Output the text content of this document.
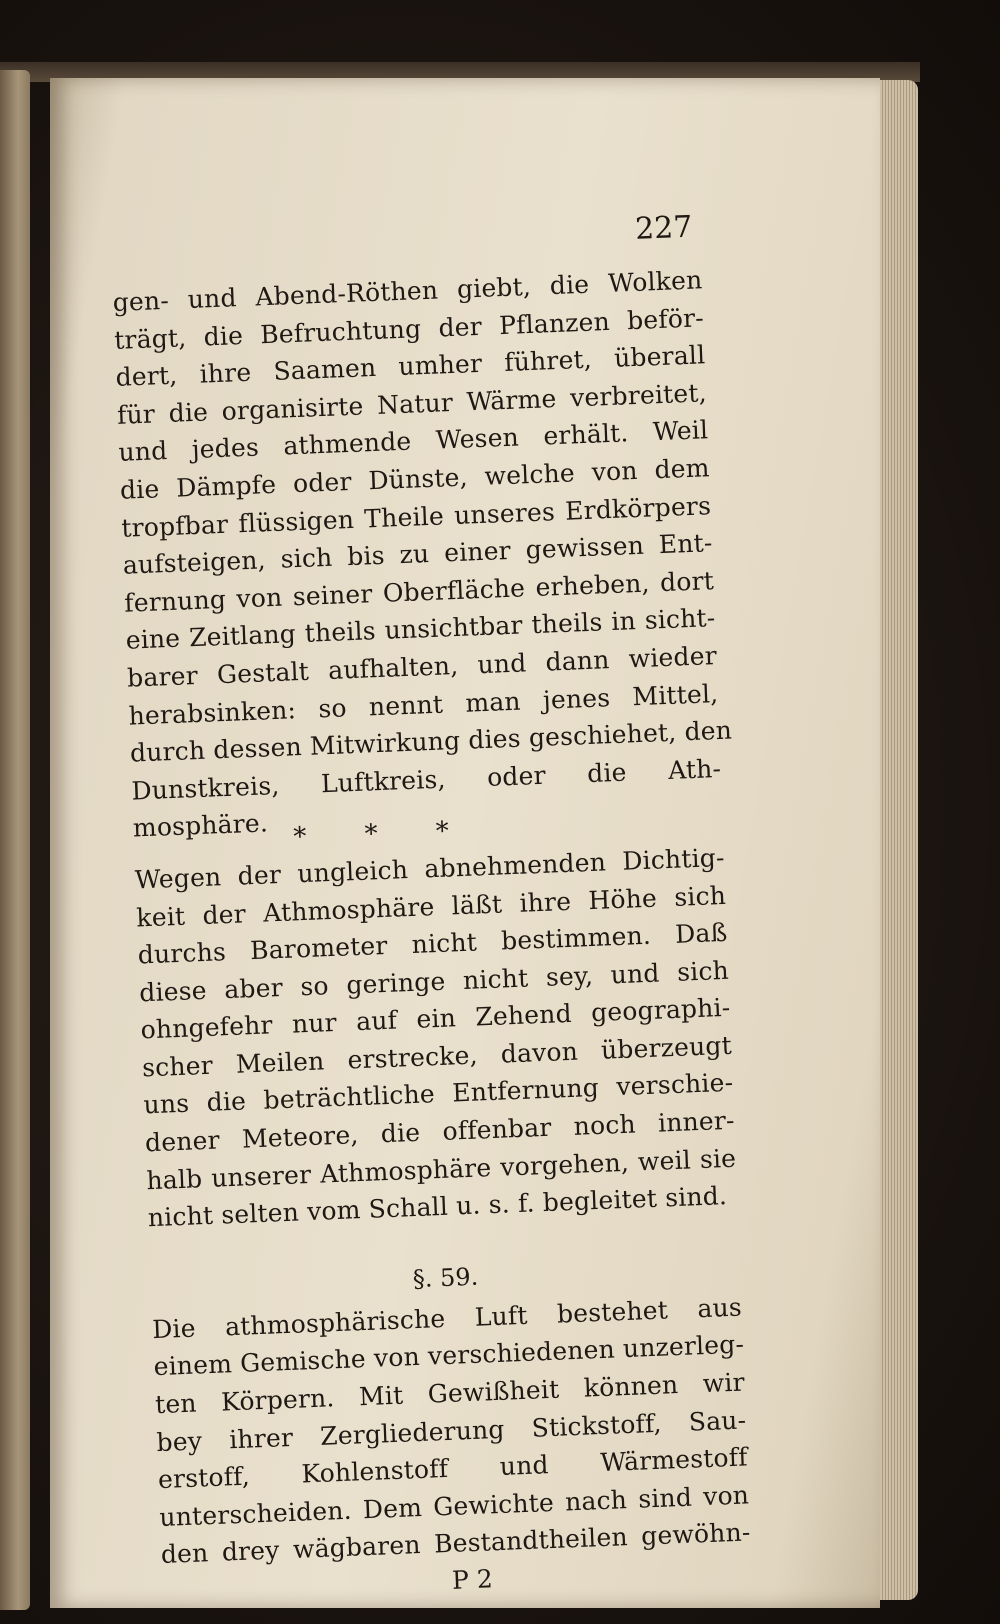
227
gen- und Abend-Röthen giebt, die Wolken
trägt, die Befruchtung der Pflanzen beför-
dert, ihre Saamen umher führet, überall
für die organisirte Natur Wärme verbreitet,
und jedes athmende Wesen erhält. Weil
die Dämpfe oder Dünste, welche von dem
tropfbar flüssigen Theile unseres Erdkörpers
aufsteigen, sich bis zu einer gewissen Ent-
fernung von seiner Oberfläche erheben, dort
eine Zeitlang theils unsichtbar theils in sicht-
barer Gestalt aufhalten, und dann wieder
herabsinken: so nennt man jenes Mittel,
durch dessen Mitwirkung dies geschiehet, den
Dunstkreis, Luftkreis, oder die Ath-
mosphäre. * * *
Wegen der ungleich abnehmenden Dichtig-
keit der Athmosphäre läßt ihre Höhe sich
durchs Barometer nicht bestimmen. Daß
diese aber so geringe nicht sey, und sich
ohngefehr nur auf ein Zehend geographi-
scher Meilen erstrecke, davon überzeugt
uns die beträchtliche Entfernung verschie-
dener Meteore, die offenbar noch inner-
halb unserer Athmosphäre vorgehen, weil sie
nicht selten vom Schall u. s. f. begleitet sind.
§. 59.
Die athmosphärische Luft bestehet aus
einem Gemische von verschiedenen unzerleg-
ten Körpern. Mit Gewißheit können wir
bey ihrer Zergliederung Stickstoff, Sau-
erstoff, Kohlenstoff und Wärmestoff
unterscheiden. Dem Gewichte nach sind von
den drey wägbaren Bestandtheilen gewöhn-
P 2
